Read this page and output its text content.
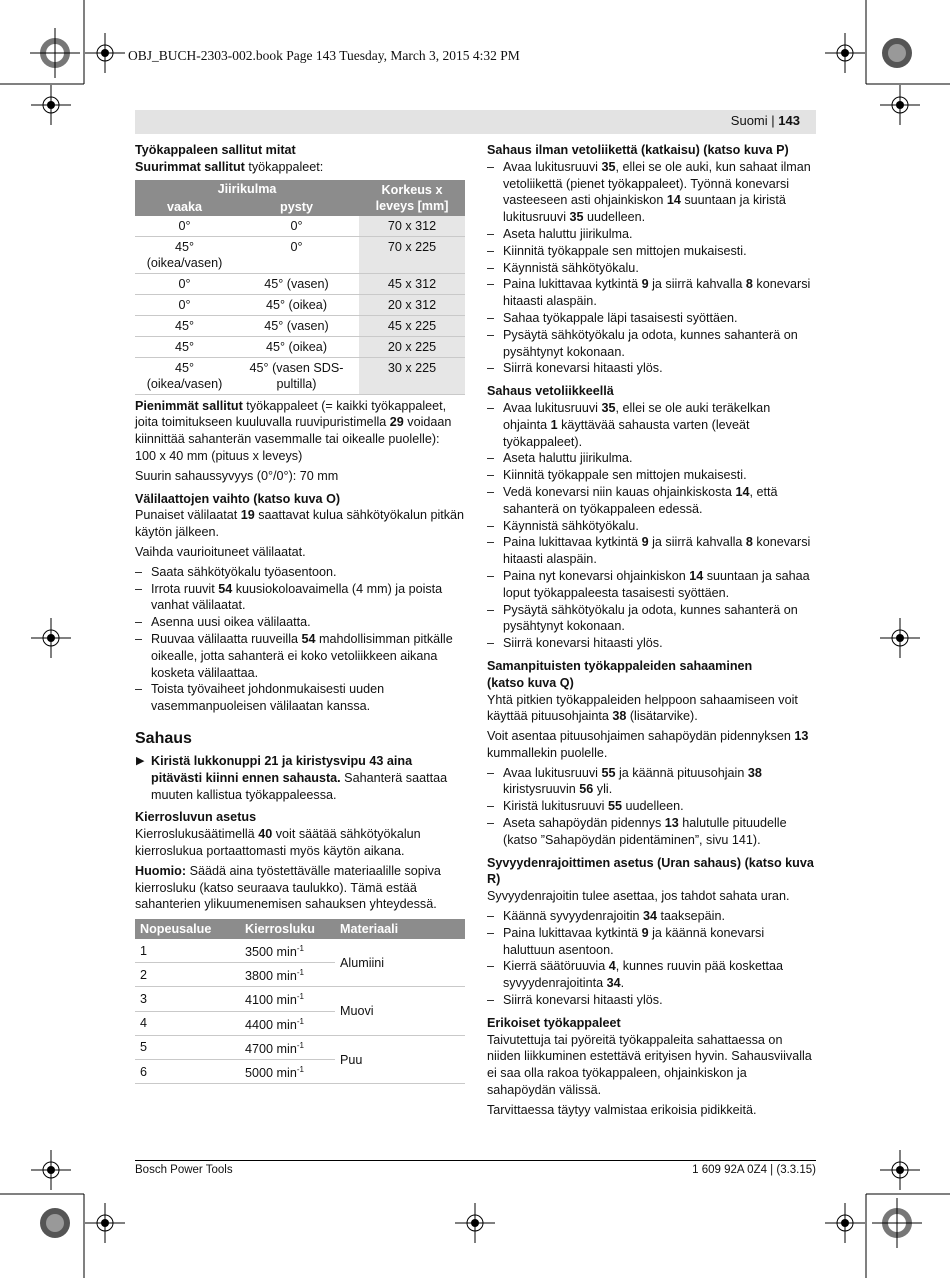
OBJ_BUCH-2303-002.book Page 143 Tuesday, March 3, 2015 4:32 PM
Suomi | 143
Työkappaleen sallitut mitat
Suurimmat sallitut työkappaleet:
Jiirikulma		Korkeus x leveys [mm]
vaaka	pysty	
0°	0°	70 x 312
45° (oikea/vasen)	0°	70 x 225
0°	45° (vasen)	45 x 312
0°	45° (oikea)	20 x 312
45°	45° (vasen)	45 x 225
45°	45° (oikea)	20 x 225
45° (oikea/vasen)	45° (vasen SDS-pultilla)	30 x 225
Pienimmät sallitut työkappaleet (= kaikki työkappaleet, joita toimitukseen kuuluvalla ruuvipuristimella 29 voidaan kiinnittää sahanterän vasemmalle tai oikealle puolelle):
100 x 40 mm (pituus x leveys)
Suurin sahaussyvyys (0°/0°): 70 mm
Välilaattojen vaihto (katso kuva O)
Punaiset välilaatat 19 saattavat kulua sähkötyökalun pitkän käytön jälkeen.
Vaihda vaurioituneet välilaatat.
– Saata sähkötyökalu työasentoon.
– Irrota ruuvit 54 kuusiokoloavaimella (4 mm) ja poista vanhat välilaatat.
– Asenna uusi oikea välilaatta.
– Ruuvaa välilaatta ruuveilla 54 mahdollisimman pitkälle oikealle, jotta sahanterä ei koko vetoliikkeen aikana kosketa välilaattaa.
– Toista työvaiheet johdonmukaisesti uuden vasemmanpuoleisen välilaatan kanssa.
Sahaus
▶ Kiristä lukkonuppi 21 ja kiristysvipu 43 aina pitävästi kiinni ennen sahausta. Sahanterä saattaa muuten kallistua työkappaleessa.
Kierrosluvun asetus
Kierroslukusäätimellä 40 voit säätää sähkötyökalun kierroslukua portaattomasti myös käytön aikana.
Huomio: Säädä aina työstettävälle materiaalille sopiva kierrosluku (katso seuraava taulukko). Tämä estää sahanterien ylikuumenemisen sahauksen yhteydessä.
Nopeusalue	Kierrosluku	Materiaali
1	3500 $\min^{-1}$	Alumiini
2	3800 $\min^{-1}$
3	4100 $\min^{-1}$	Muovi
4	4400 $\min^{-1}$
5	4700 $\min^{-1}$	Puu
6	5000 $\min^{-1}$
Sahaus ilman vetoliikettä (katkaisu) (katso kuva P)
– Avaa lukitusruuvi 35, ellei se ole auki, kun sahaat ilman vetoliikettä (pienet työkappaleet). Työnnä konevarsi vasteeseen asti ohjainkiskon 14 suuntaan ja kiristä lukitusruuvi 35 uudelleen.
– Aseta haluttu jiirikulma.
– Kiinnitä työkappale sen mittojen mukaisesti.
– Käynnistä sähkötyökalu.
– Paina lukittavaa kytkintä 9 ja siirrä kahvalla 8 konevarsi hitaasti alaspäin.
– Sahaa työkappale läpi tasaisesti syöttäen.
– Pysäytä sähkötyökalu ja odota, kunnes sahanterä on pysähtynyt kokonaan.
– Siirrä konevarsi hitaasti ylös.
Sahaus vetoliikkeellä
– Avaa lukitusruuvi 35, ellei se ole auki teräkelkan ohjainta 1 käyttävää sahausta varten (leveät työkappaleet).
– Aseta haluttu jiirikulma.
– Kiinnitä työkappale sen mittojen mukaisesti.
– Vedä konevarsi niin kauas ohjainkiskosta 14, että sahanterä on työkappaleen edessä.
– Käynnistä sähkötyökalu.
– Paina lukittavaa kytkintä 9 ja siirrä kahvalla 8 konevarsi hitaasti alaspäin.
– Paina nyt konevarsi ohjainkiskon 14 suuntaan ja sahaa loput työkappaleesta tasaisesti syöttäen.
– Pysäytä sähkötyökalu ja odota, kunnes sahanterä on pysähtynyt kokonaan.
– Siirrä konevarsi hitaasti ylös.
Samanpituisten työkappaleiden sahaaminen
(katso kuva Q)
Yhtä pitkien työkappaleiden helppoon sahaamiseen voit käyttää pituusohjainta 38 (lisätarvike).
Voit asentaa pituusohjaimen sahapöydän pidennyksen 13 kummallekin puolelle.
– Avaa lukitusruuvi 55 ja käännä pituusohjain 38 kiristysruuvin 56 yli.
– Kiristä lukitusruuvi 55 uudelleen.
– Aseta sahapöydän pidennys 13 halutulle pituudelle (katso ”Sahapöydän pidentäminen”, sivu 141).
Syvyydenrajoittimen asetus (Uran sahaus) (katso kuva R)
Syvyydenrajoitin tulee asettaa, jos tahdot sahata uran.
– Käännä syvyydenrajoitin 34 taaksepäin.
– Paina lukittavaa kytkintä 9 ja käännä konevarsi haluttuun asentoon.
– Kierrä säätöruuvia 4, kunnes ruuvin pää koskettaa syvyydenrajoitinta 34.
– Siirrä konevarsi hitaasti ylös.
Erikoiset työkappaleet
Taivutettuja tai pyöreitä työkappaleita sahattaessa on niiden liikkuminen estettävä erityisen hyvin. Sahausviivalla ei saa olla rakoa työkappaleen, ohjainkiskon ja sahapöydän välissä.
Tarvittaessa täytyy valmistaa erikoisia pidikkeitä.
Bosch Power Tools	1 609 92A 0Z4 | (3.3.15)
